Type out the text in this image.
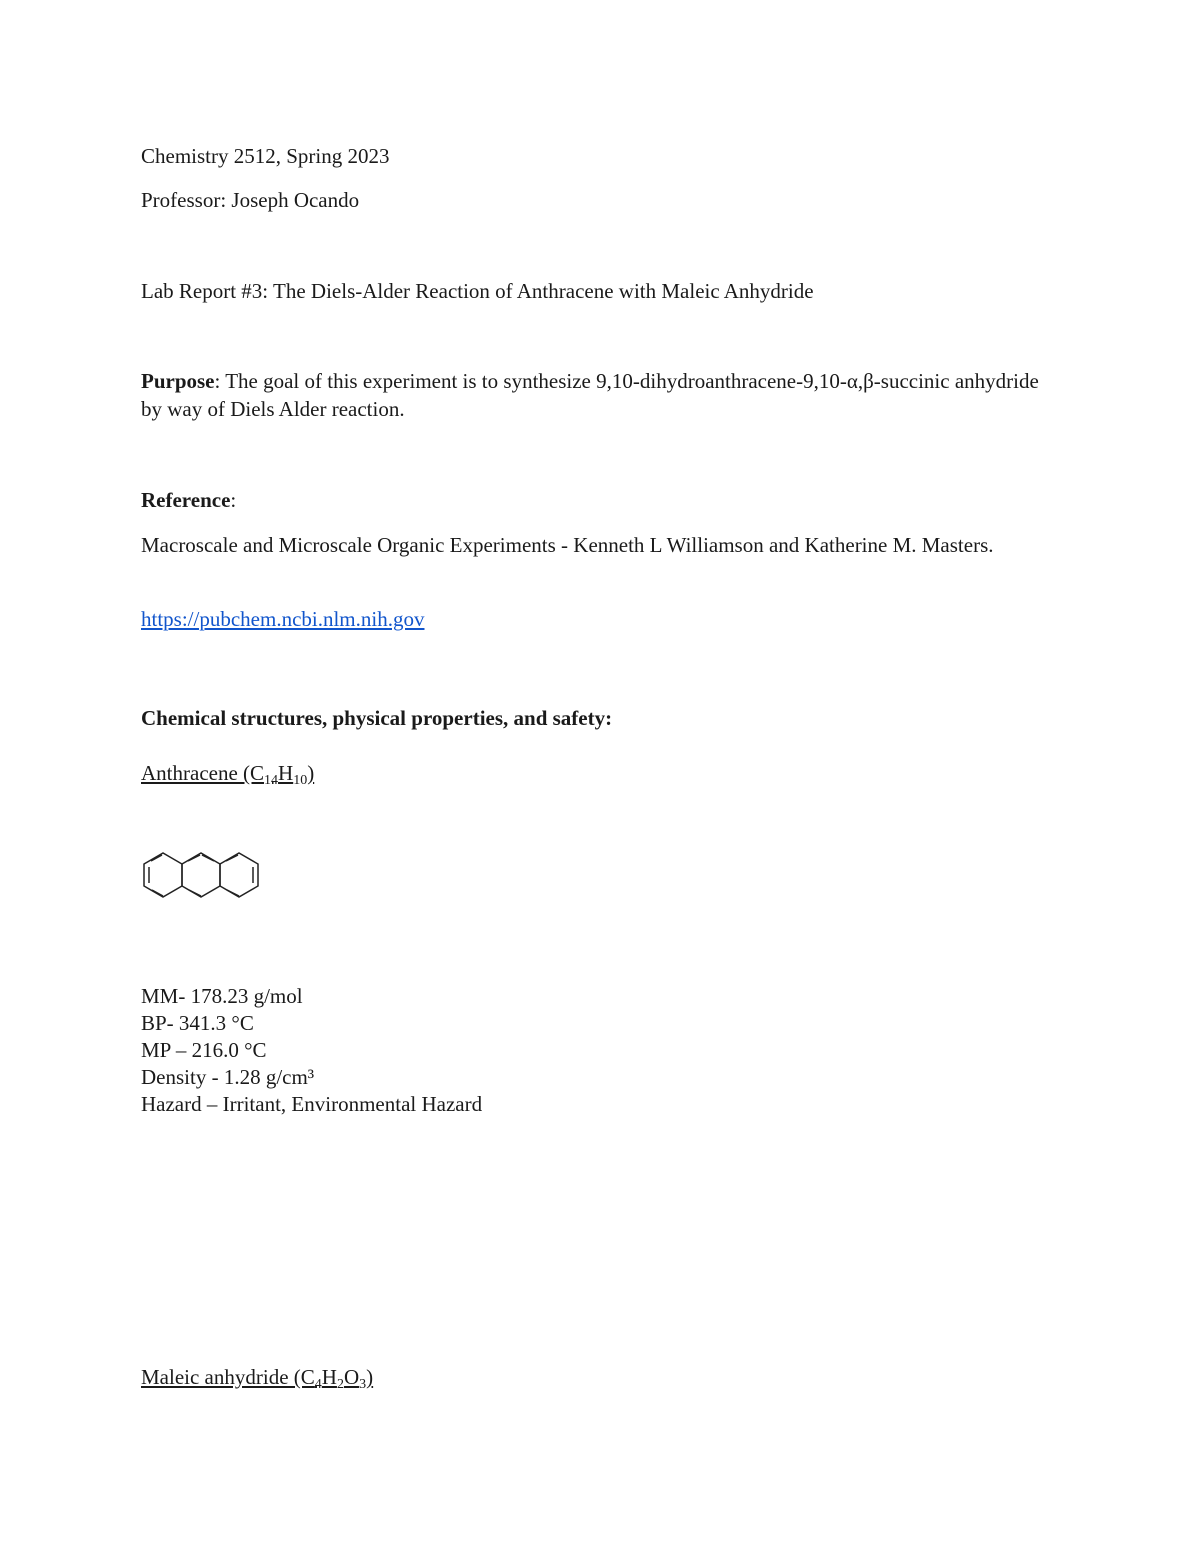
Chemistry 2512, Spring 2023
Professor: Joseph Ocando
Lab Report #3: The Diels-Alder Reaction of Anthracene with Maleic Anhydride
Purpose: The goal of this experiment is to synthesize 9,10-dihydroanthracene-9,10-α,β-succinic anhydride by way of Diels Alder reaction.
Reference:
Macroscale and Microscale Organic Experiments - Kenneth L Williamson and Katherine M. Masters.
https://pubchem.ncbi.nlm.nih.gov
Chemical structures, physical properties, and safety:
Anthracene $(C_{14}H_{10})$
MM- 178.23 g/mol
BP- 341.3 °C
MP – 216.0 °C
Density - 1.28 g/cm³
Hazard – Irritant, Environmental Hazard
Maleic anhydride $(C_4H_2O_3)$
